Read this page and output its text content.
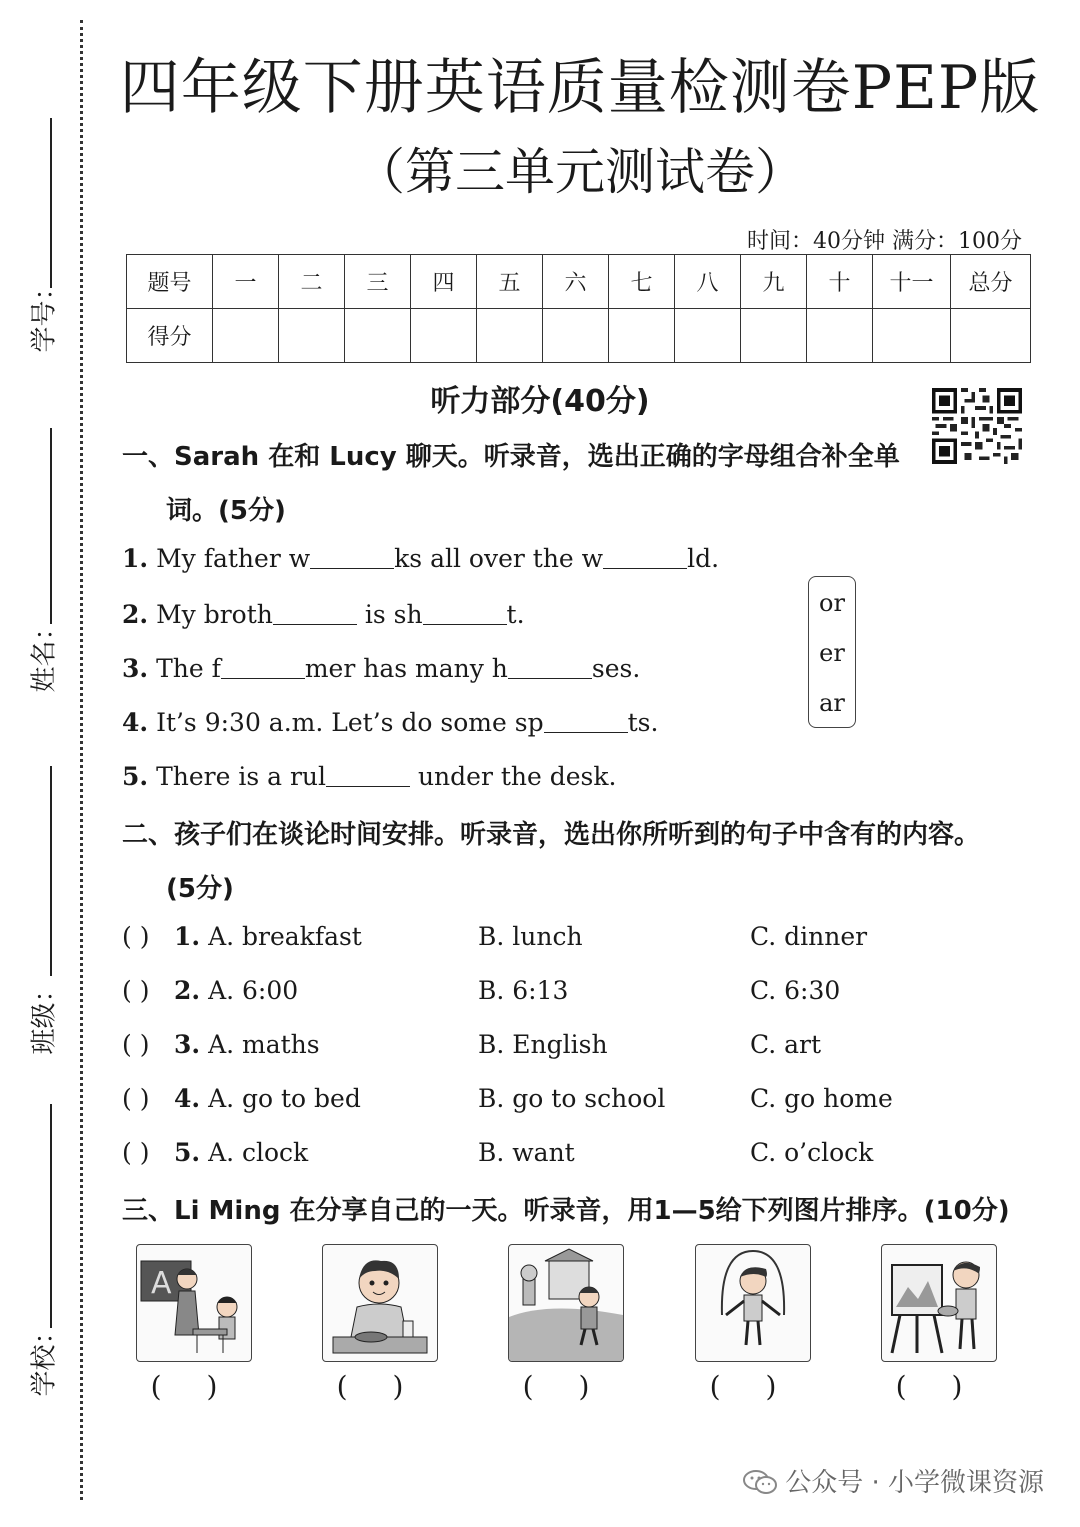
学号：
姓名：
班级：
学校：
四年级下册英语质量检测卷PEP版
（第三单元测试卷）
时间：40分钟 满分：100分
题号	一	二	三	四	五	六	七	八	九	十	十一	总分
得分												
听力部分(40分)
一、Sarah 在和 Lucy 聊天。听录音，选出正确的字母组合补全单
词。(5分)
1. My father w	ks all over the w	ld.
2. My broth	is sh	t.
3. The f	mer has many h	ses.
4. It’s 9:30 a.m. Let’s do some sp	ts.
5. There is a rul	under the desk.
or
er
ar
二、孩子们在谈论时间安排。听录音，选出你所听到的句子中含有的内容。
(5分)
( ) 1. A. breakfast	B. lunch	C. dinner
( ) 2. A. 6:00	B. 6:13	C. 6:30
( ) 3. A. maths	B. English	C. art
( ) 4. A. go to bed	B. go to school	C. go home
( ) 5. A. clock	B. want	C. o’clock
三、Li Ming 在分享自己的一天。听录音，用1—5给下列图片排序。(10分)
A
( )	( )	( )	( )	( )
公众号 · 小学微课资源
